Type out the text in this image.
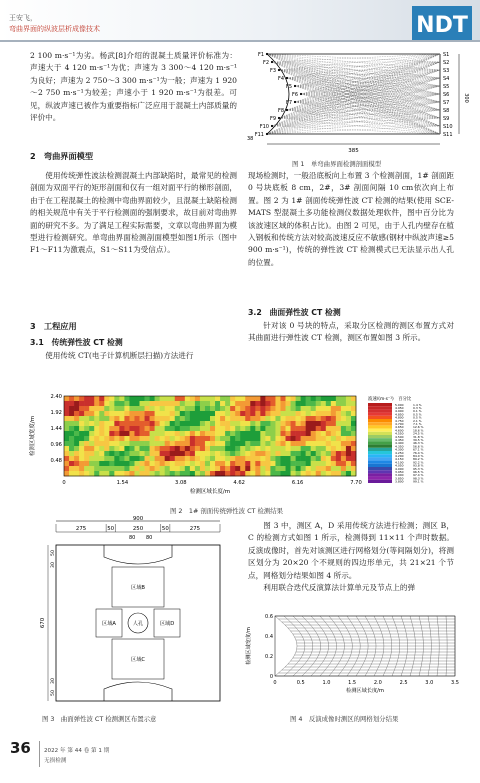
王安飞，
弯曲界面的纵波层析成像技术	NDT

2 100 m·s⁻¹为劣。杨武[8]介绍的混凝土质量评价标准为：声速大于 4 120 m·s⁻¹为优；声速为 3 300～4 120 m·s⁻¹为良好；声速为 2 750～3 300 m·s⁻¹为一般；声速为 1 920～2 750 m·s⁻¹为较差；声速小于 1 920 m·s⁻¹为很差。可见，纵波声速已被作为重要指标广泛应用于混凝土内部质量的评价中。

2　弯曲界面模型

使用传统弹性波法检测混凝土内部缺陷时，最常见的检测剖面为双面平行的矩形剖面和仅有一组对面平行的梯形剖面，由于在工程混凝土的检测中弯曲界面较少，且混凝土缺陷检测的相关规范中有关于平行检测面的强制要求，故目前对弯曲界面的研究不多。为了满足工程实际需要，文章以弯曲界面为模型进行检测研究。单弯曲界面检测剖面模型如图1所示（图中F1～F11为激震点，S1～S11为受信点）。

3　工程应用
3.1　传统弹性波 CT 检测

使用传统 CT(电子计算机断层扫描)方法进行

F1	S1
F2	S2
F3	S3
F4	S4
F5	S5
F6	S6
F7	S7
F8	S8
F9	S9
F10	S10
F11	S11
385
300
38
图 1　单弯曲界面检测剖面模型

现场检测时，一般沿底板向上布置 3 个检测剖面，1# 剖面距 0 号块底板 8 cm，2#，3# 剖面间隔 10 cm依次向上布置。图 2 为 1# 剖面传统弹性波 CT 检测的结果(使用 SCE-MATS 型混凝土多功能检测仪数据处理软件，图中百分比为该波速区域的体积占比)。由图 2 可见，由于人孔内壁存在植入钢板和传统方法对较高波速反应不敏感(钢材中纵波声速≥5 900 m·s⁻¹)，传统的弹性波 CT 检测模式已无法显示出人孔的位置。

3.2　曲面弹性波 CT 检测

针对该 0 号块的特点，采取分区检测的测区布置方式对其曲面进行弹性波 CT 检测，测区布置如图 3 所示。

检测区域宽度/m
2.40
1.92
1.44
0.96
0.48
0	1.54	3.08	4.62	6.16	7.70
检测区域长度/m
波速/(m·s⁻¹)　百分比
5.000	1.4 %
4.950	0.3 %
4.900	0.1 %
4.850	0.5 %
4.800	0.5 %
4.750	2.1 %
4.700	7.1 %
4.650	12.6 %
4.600	18.6 %
4.550	24.5 %
4.500	31.8 %
4.450	39.5 %
4.400	46.3 %
4.350	56.6 %
4.300	67.1 %
4.250	76.4 %
4.200	84.0 %
4.150	89.2 %
4.100	92.2 %
4.050	93.8 %
4.000	95.3 %
3.950	96.5 %
3.900	97.4 %
3.850	98.3 %
3.800	99.1 %
图 2　1# 剖面传统弹性波 CT 检测结果
900
275	50	250	50	275
80 80
区域B
区域A	人孔	区域D
区域C
670
50
30
30
50
图 3　曲面弹性波 CT 检测测区布置示意

图 3 中，测区 A，D 采用传统方法进行检测；测区 B，C 的检测方式如图 1 所示，检测得到 11×11 个声时数据。反演成像时，首先对该测区进行网格划分(等间隔划分)，将测区划分为 20×20 个不规则的四边形单元，共 21×21 个节点，网格划分结果如图 4 所示。

利用联合迭代反演算法计算单元及节点上的弹

检测区域宽度/m
0.6
0.4
0.2
0
0	0.5	1.0	1.5	2.0	2.5	3.0	3.5
检测区域长度/m
图 4　反演成像时测区的网格划分结果
36 2022 年 第 44 卷 第 1 期
无损检测
